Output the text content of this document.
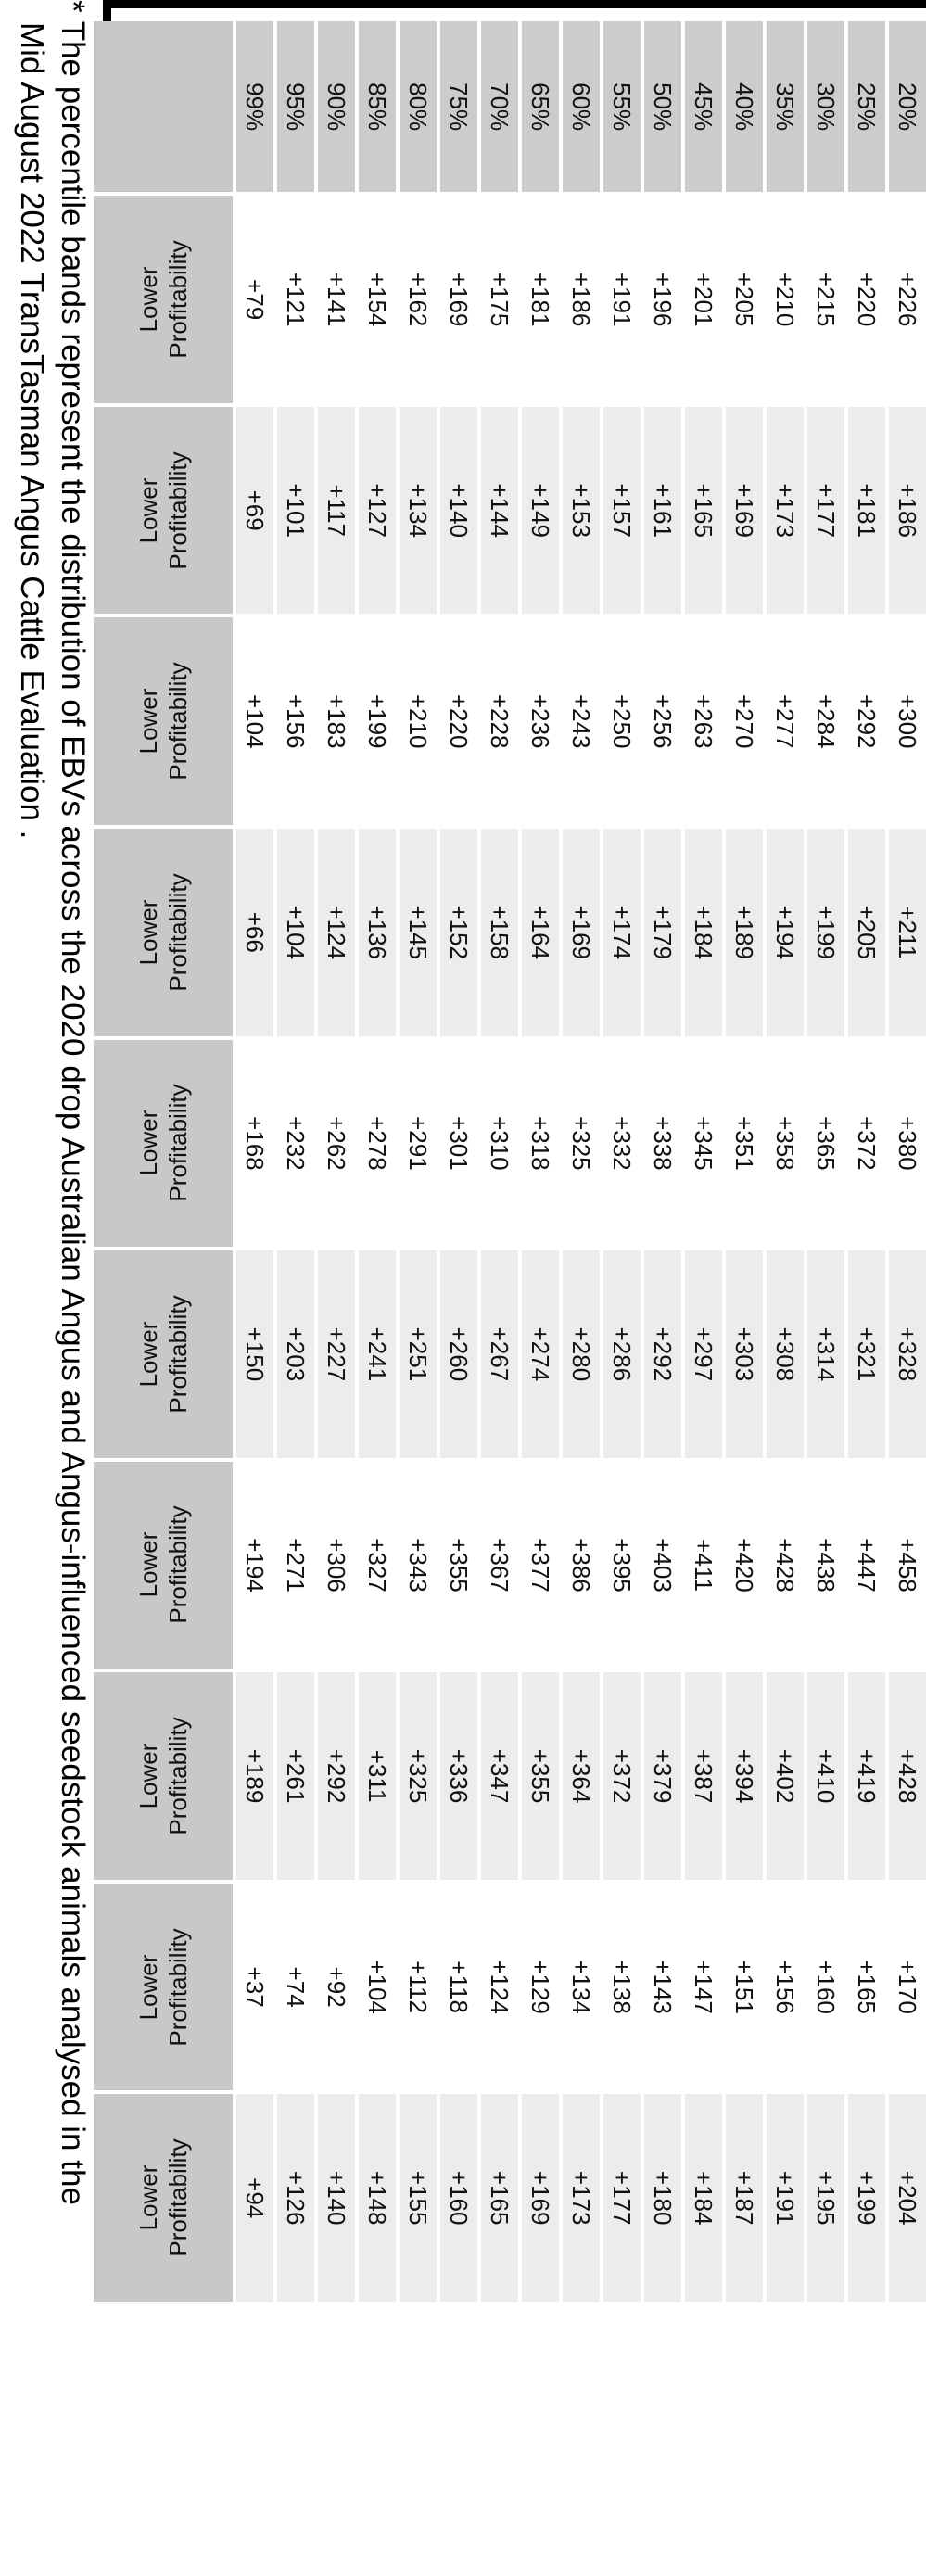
20%	+226	+186	+300	+211	+380	+328	+458	+428	+170	+204
25%	+220	+181	+292	+205	+372	+321	+447	+419	+165	+199
30%	+215	+177	+284	+199	+365	+314	+438	+410	+160	+195
35%	+210	+173	+277	+194	+358	+308	+428	+402	+156	+191
40%	+205	+169	+270	+189	+351	+303	+420	+394	+151	+187
45%	+201	+165	+263	+184	+345	+297	+411	+387	+147	+184
50%	+196	+161	+256	+179	+338	+292	+403	+379	+143	+180
55%	+191	+157	+250	+174	+332	+286	+395	+372	+138	+177
60%	+186	+153	+243	+169	+325	+280	+386	+364	+134	+173
65%	+181	+149	+236	+164	+318	+274	+377	+355	+129	+169
70%	+175	+144	+228	+158	+310	+267	+367	+347	+124	+165
75%	+169	+140	+220	+152	+301	+260	+355	+336	+118	+160
80%	+162	+134	+210	+145	+291	+251	+343	+325	+112	+155
85%	+154	+127	+199	+136	+278	+241	+327	+311	+104	+148
90%	+141	+117	+183	+124	+262	+227	+306	+292	+92	+140
95%	+121	+101	+156	+104	+232	+203	+271	+261	+74	+126
99%	+79	+69	+104	+66	+168	+150	+194	+189	+37	+94
	Lower Profitability	Lower Profitability	Lower Profitability	Lower Profitability	Lower Profitability	Lower Profitability	Lower Profitability	Lower Profitability	Lower Profitability	Lower Profitability
* The percentile bands represent the distribution of EBVs across the 2020 drop Australian Angus and Angus-influenced seedstock animals analysed in the
Mid August 2022 TransTasman Angus Cattle Evaluation .
